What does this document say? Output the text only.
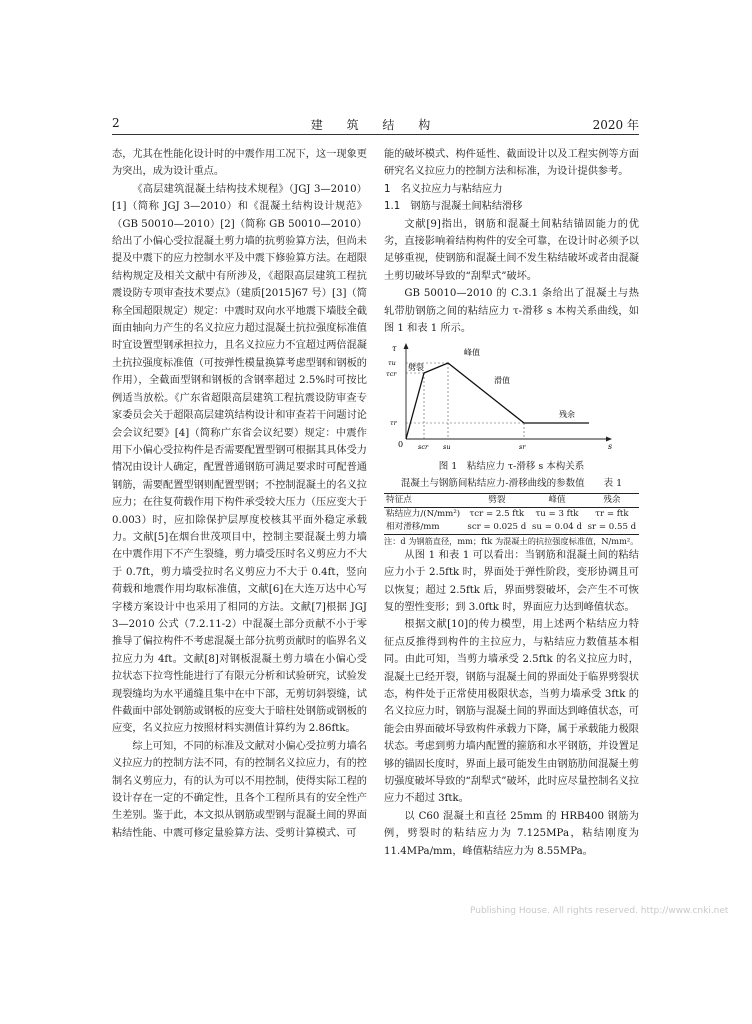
2	建 筑 结 构	2020 年

态，尤其在性能化设计时的中震作用工况下，这一现象更为突出，成为设计重点。

《高层建筑混凝土结构技术规程》（JGJ 3—2010）[1]（简称 JGJ 3—2010）和《混凝土结构设计规范》（GB 50010—2010）[2]（简称 GB 50010—2010）给出了小偏心受拉混凝土剪力墙的抗剪验算方法，但尚未提及中震下的应力控制水平及中震下修验算方法。在超限结构规定及相关文献中有所涉及，《超限高层建筑工程抗震设防专项审查技术要点》（建质[2015]67 号）[3]（简称全国超限规定）规定：中震时双向水平地震下墙肢全截面由轴向力产生的名义拉应力超过混凝土抗拉强度标准值时宜设置型钢承担拉力，且名义拉应力不宜超过两倍混凝土抗拉强度标准值（可按弹性模量换算考虑型钢和钢板的作用），全截面型钢和钢板的含钢率超过 2.5%时可按比例适当放松。《广东省超限高层建筑工程抗震设防审查专家委员会关于超限高层建筑结构设计和审查若干问题讨论会会议纪要》[4]（简称广东省会议纪要）规定：中震作用下小偏心受拉构件是否需要配置型钢可根据其具体受力情况由设计人确定，配置普通钢筋可满足要求时可配普通钢筋，需要配置型钢则配置型钢；不控制混凝土的名义拉应力；在往复荷载作用下构件承受较大压力（压应变大于 0.003）时，应扣除保护层厚度校核其平面外稳定承载力。文献[5]在烟台世茂项目中，控制主要混凝土剪力墙在中震作用下不产生裂缝，剪力墙受压时名义剪应力不大于 0.7ft，剪力墙受拉时名义剪应力不大于 0.4ft，竖向荷载和地震作用均取标准值，文献[6]在大连万达中心写字楼方案设计中也采用了相同的方法。文献[7]根据 JGJ 3—2010 公式（7.2.11-2）中混凝土部分贡献不小于零推导了偏拉构件不考虑混凝土部分抗剪贡献时的临界名义拉应力为 4ft。文献[8]对钢板混凝土剪力墙在小偏心受拉状态下拉弯性能进行了有限元分析和试验研究，试验发现裂缝均为水平通缝且集中在中下部，无剪切斜裂缝，试件截面中部处钢筋或钢板的应变大于暗柱处钢筋或钢板的应变，名义拉应力按照材料实测值计算约为 2.86ftk。

综上可知，不同的标准及文献对小偏心受拉剪力墙名义拉应力的控制方法不同，有的控制名义拉应力，有的控制名义剪应力，有的认为可以不用控制，使得实际工程的设计存在一定的不确定性，且各个工程所具有的安全性产生差别。鉴于此，本文拟从钢筋或型钢与混凝土间的界面粘结性能、中震可修定量验算方法、受剪计算模式、可

能的破坏模式、构件延性、截面设计以及工程实例等方面研究名义拉应力的控制方法和标准，为设计提供参考。

1　名义拉应力与粘结应力

1.1　钢筋与混凝土间粘结滑移

文献[9]指出，钢筋和混凝土间粘结锚固能力的优劣，直接影响着结构构件的安全可靠，在设计时必须予以足够重视，使钢筋和混凝土间不发生粘结破坏或者由混凝土剪切破坏导致的“刮犁式”破坏。

GB 50010—2010 的 C.3.1 条给出了混凝土与热轧带肋钢筋之间的粘结应力 τ-滑移 s 本构关系曲线，如图 1 和表 1 所示。

峰值
劈裂
滑值
残余
τ
s
0
τu
τcr
τr
scr su	sr

图 1　粘结应力 τ-滑移 s 本构关系

混凝土与钢筋间粘结应力-滑移曲线的参数值　　表 1

特征点	劈裂	峰值	残余
粘结应力/(N/mm²)	τcr = 2.5 ftk	τu = 3 ftk	τr = ftk
相对滑移/mm	scr = 0.025 d	su = 0.04 d	sr = 0.55 d

注：d 为钢筋直径，mm；ftk 为混凝土的抗拉强度标准值，N/mm²。

从图 1 和表 1 可以看出：当钢筋和混凝土间的粘结应力小于 2.5ftk 时，界面处于弹性阶段，变形协调且可以恢复；超过 2.5ftk 后，界面劈裂破坏，会产生不可恢复的塑性变形；到 3.0ftk 时，界面应力达到峰值状态。

根据文献[10]的传力模型，用上述两个粘结应力特征点反推得到构件的主拉应力，与粘结应力数值基本相同。由此可知，当剪力墙承受 2.5ftk 的名义拉应力时，混凝土已经开裂，钢筋与混凝土间的界面处于临界劈裂状态，构件处于正常使用极限状态，当剪力墙承受 3ftk 的名义拉应力时，钢筋与混凝土间的界面达到峰值状态，可能会由界面破坏导致构件承载力下降，属于承载能力极限状态。考虑到剪力墙内配置的箍筋和水平钢筋，并设置足够的锚固长度时，界面上最可能发生由钢筋肋间混凝土剪切强度破坏导致的“刮犁式”破坏，此时应尽量控制名义拉应力不超过 3ftk。

以 C60 混凝土和直径 25mm 的 HRB400 钢筋为例，劈裂时的粘结应力为 7.125MPa，粘结刚度为 11.4MPa/mm，峰值粘结应力为 8.55MPa。

Publishing House. All rights reserved. http://www.cnki.net
